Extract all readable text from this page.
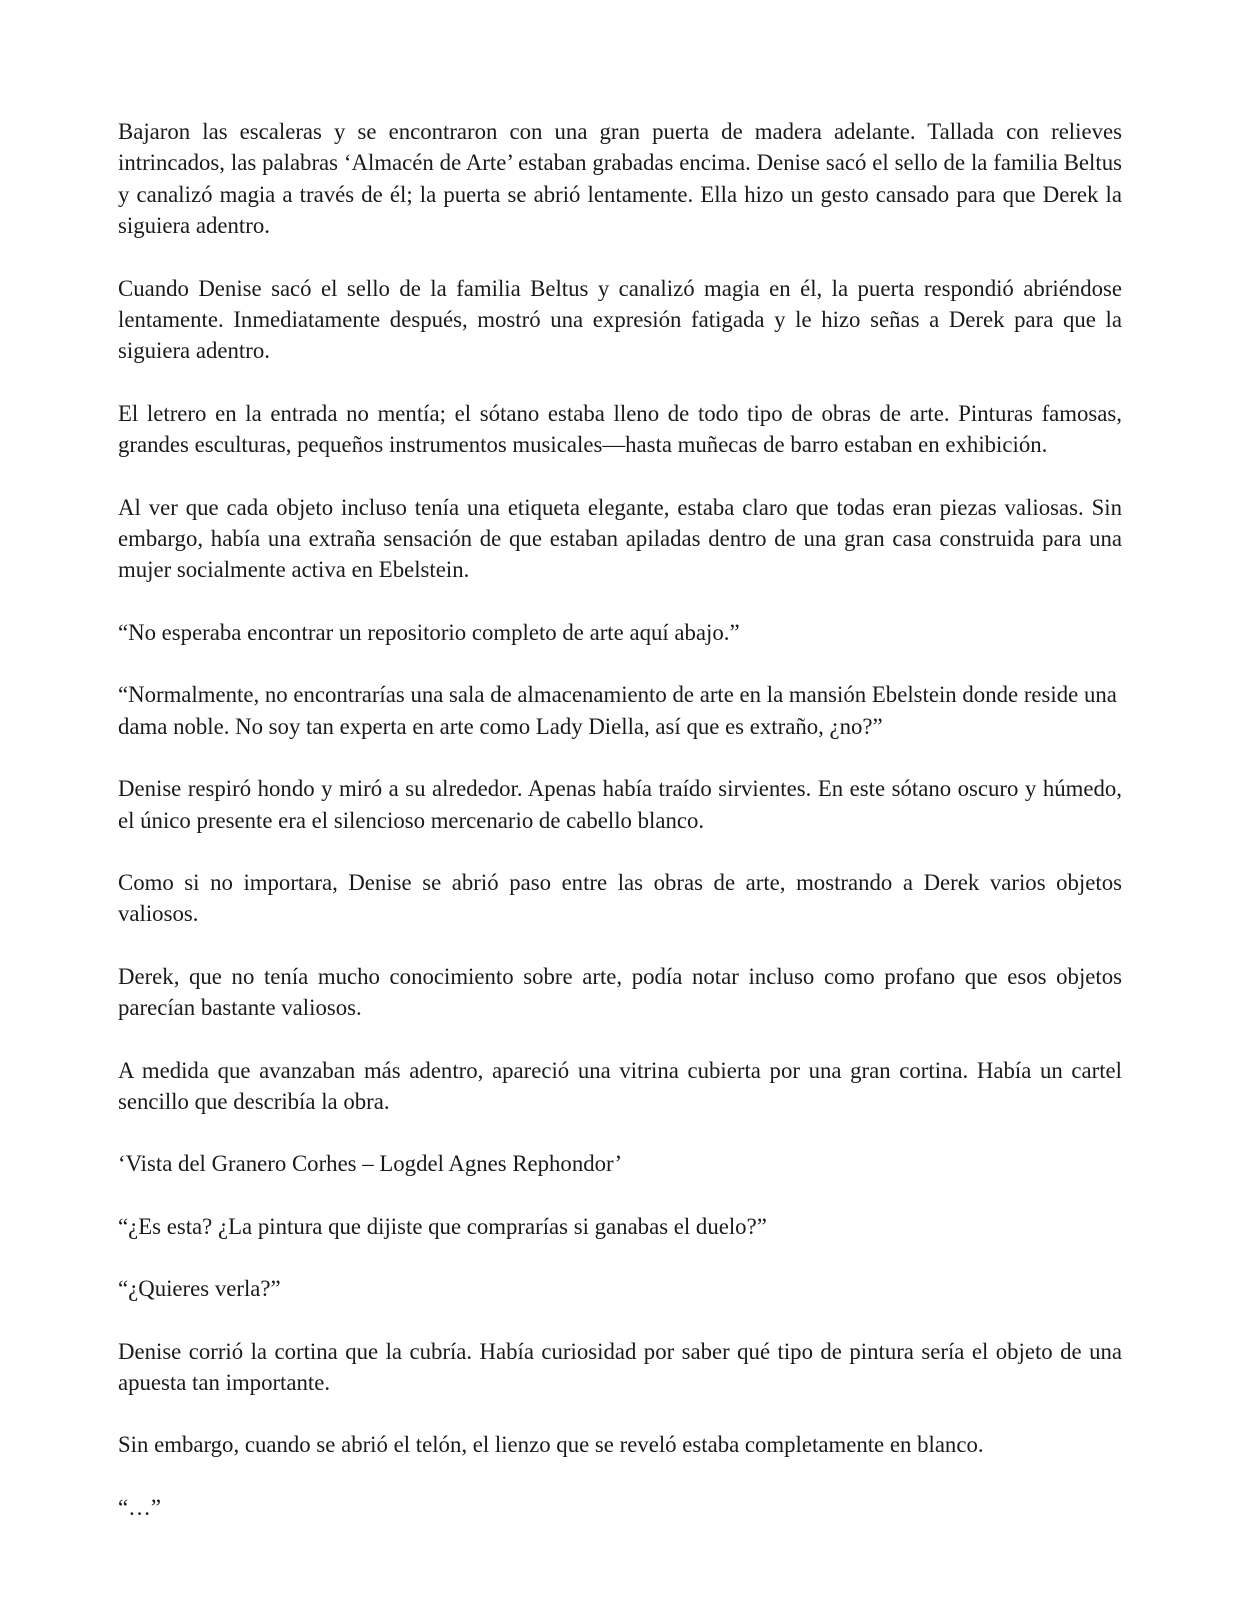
Bajaron las escaleras y se encontraron con una gran puerta de madera adelante. Tallada con relieves intrincados, las palabras ‘Almacén de Arte’ estaban grabadas encima. Denise sacó el sello de la familia Beltus y canalizó magia a través de él; la puerta se abrió lentamente. Ella hizo un gesto cansado para que Derek la siguiera adentro.

Cuando Denise sacó el sello de la familia Beltus y canalizó magia en él, la puerta respondió abriéndose lentamente. Inmediatamente después, mostró una expresión fatigada y le hizo señas a Derek para que la siguiera adentro.

El letrero en la entrada no mentía; el sótano estaba lleno de todo tipo de obras de arte. Pinturas famosas, grandes esculturas, pequeños instrumentos musicales—hasta muñecas de barro estaban en exhibición.

Al ver que cada objeto incluso tenía una etiqueta elegante, estaba claro que todas eran piezas valiosas. Sin embargo, había una extraña sensación de que estaban apiladas dentro de una gran casa construida para una mujer socialmente activa en Ebelstein.

“No esperaba encontrar un repositorio completo de arte aquí abajo.”

“Normalmente, no encontrarías una sala de almacenamiento de arte en la mansión Ebelstein donde reside una dama noble. No soy tan experta en arte como Lady Diella, así que es extraño, ¿no?”

Denise respiró hondo y miró a su alrededor. Apenas había traído sirvientes. En este sótano oscuro y húmedo, el único presente era el silencioso mercenario de cabello blanco.

Como si no importara, Denise se abrió paso entre las obras de arte, mostrando a Derek varios objetos valiosos.

Derek, que no tenía mucho conocimiento sobre arte, podía notar incluso como profano que esos objetos parecían bastante valiosos.

A medida que avanzaban más adentro, apareció una vitrina cubierta por una gran cortina. Había un cartel sencillo que describía la obra.

‘Vista del Granero Corhes – Logdel Agnes Rephondor’

“¿Es esta? ¿La pintura que dijiste que comprarías si ganabas el duelo?”

“¿Quieres verla?”

Denise corrió la cortina que la cubría. Había curiosidad por saber qué tipo de pintura sería el objeto de una apuesta tan importante.

Sin embargo, cuando se abrió el telón, el lienzo que se reveló estaba completamente en blanco.

“…”
